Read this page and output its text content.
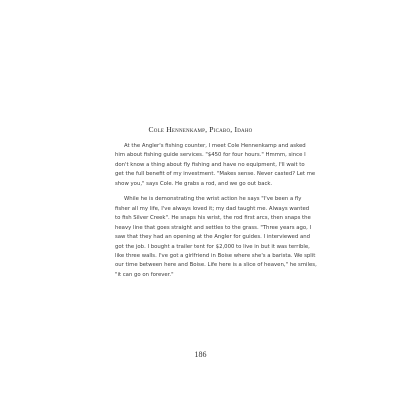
Cole Hennenkamp, Picabo, Idaho
At the Angler's fishing counter, I meet Cole Hennenkamp and asked
him about fishing guide services. "$450 for four hours." Hmmm, since I
don't know a thing about fly fishing and have no equipment, I'll wait to
get the full benefit of my investment. "Makes sense. Never casted? Let me
show you," says Cole. He grabs a rod, and we go out back.
While he is demonstrating the wrist action he says "I've been a fly
fisher all my life, I've always loved it; my dad taught me. Always wanted
to fish Silver Creek". He snaps his wrist, the rod first arcs, then snaps the
heavy line that goes straight and settles to the grass. "Three years ago, I
saw that they had an opening at the Angler for guides. I interviewed and
got the job. I bought a trailer tent for $2,000 to live in but it was terrible,
like three walls. I've got a girlfriend in Boise where she's a barista. We split
our time between here and Boise. Life here is a slice of heaven," he smiles,
"it can go on forever."
186
